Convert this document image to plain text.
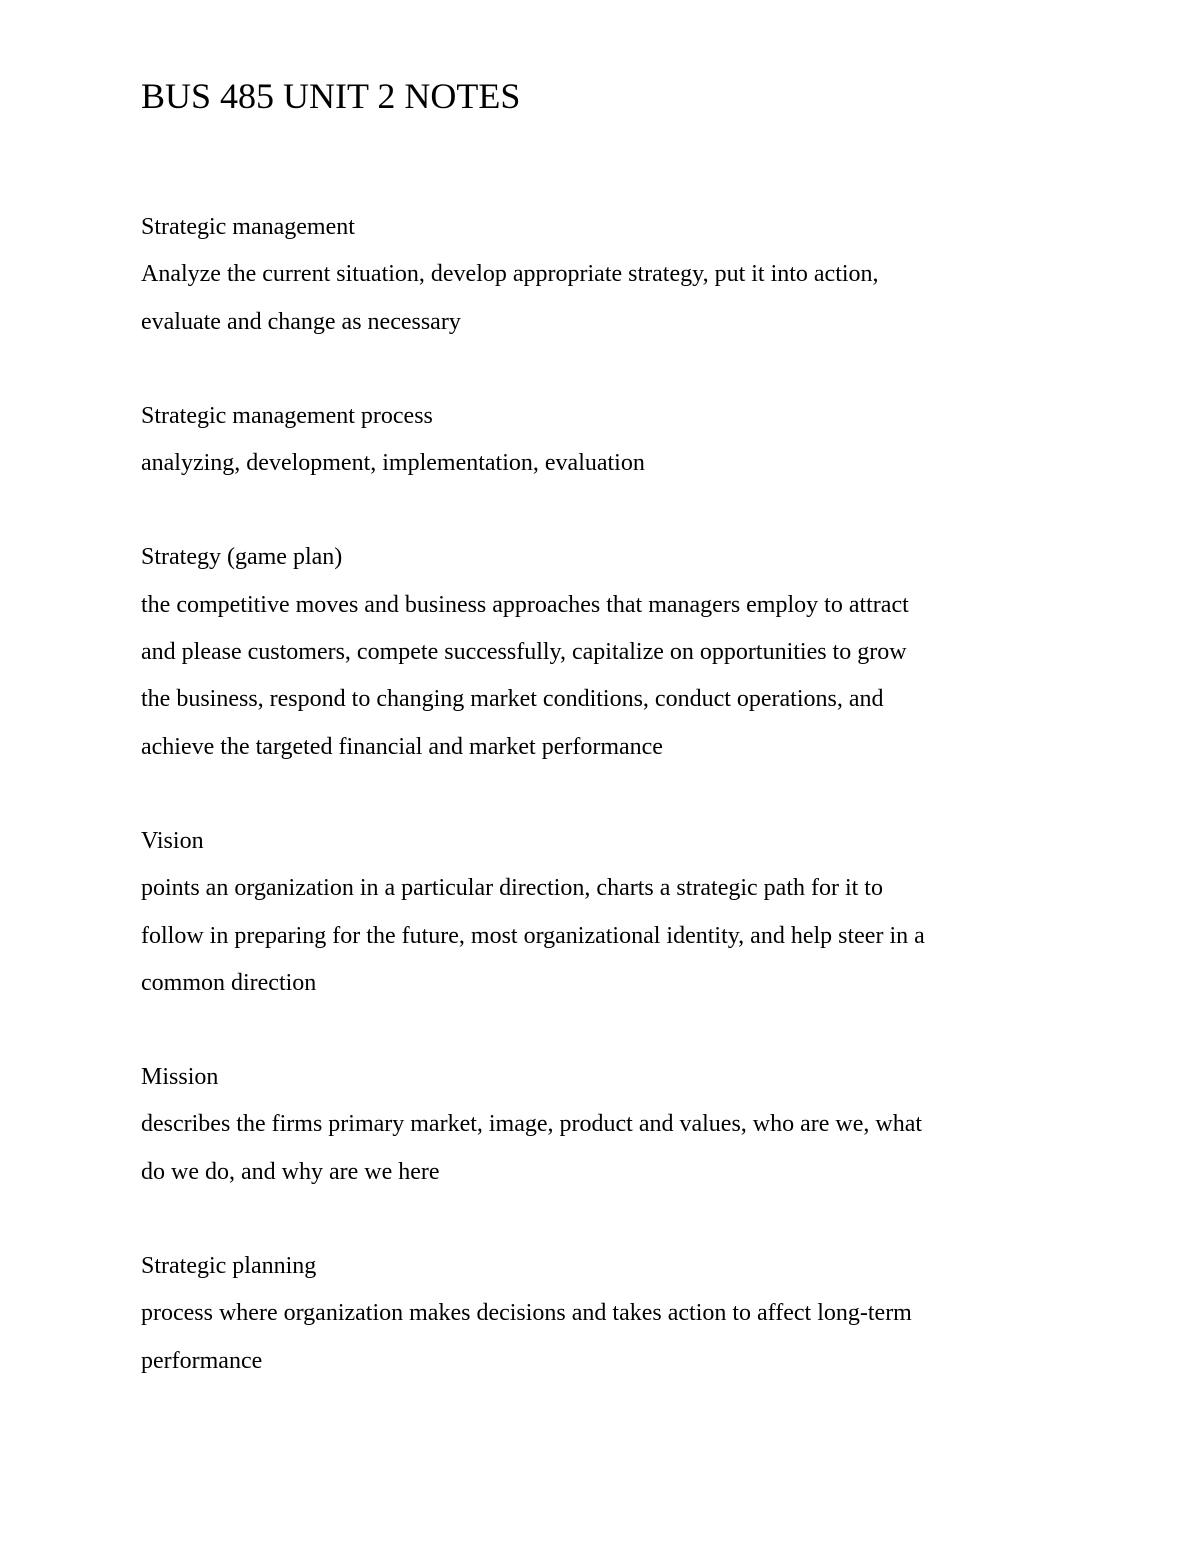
BUS 485 UNIT 2 NOTES

Strategic management

Analyze the current situation, develop appropriate strategy, put it into action,

evaluate and change as necessary

Strategic management process

analyzing, development, implementation, evaluation

Strategy (game plan)

the competitive moves and business approaches that managers employ to attract

and please customers, compete successfully, capitalize on opportunities to grow

the business, respond to changing market conditions, conduct operations, and

achieve the targeted financial and market performance

Vision

points an organization in a particular direction, charts a strategic path for it to

follow in preparing for the future, most organizational identity, and help steer in a

common direction

Mission

describes the firms primary market, image, product and values, who are we, what

do we do, and why are we here

Strategic planning

process where organization makes decisions and takes action to affect long-term

performance
